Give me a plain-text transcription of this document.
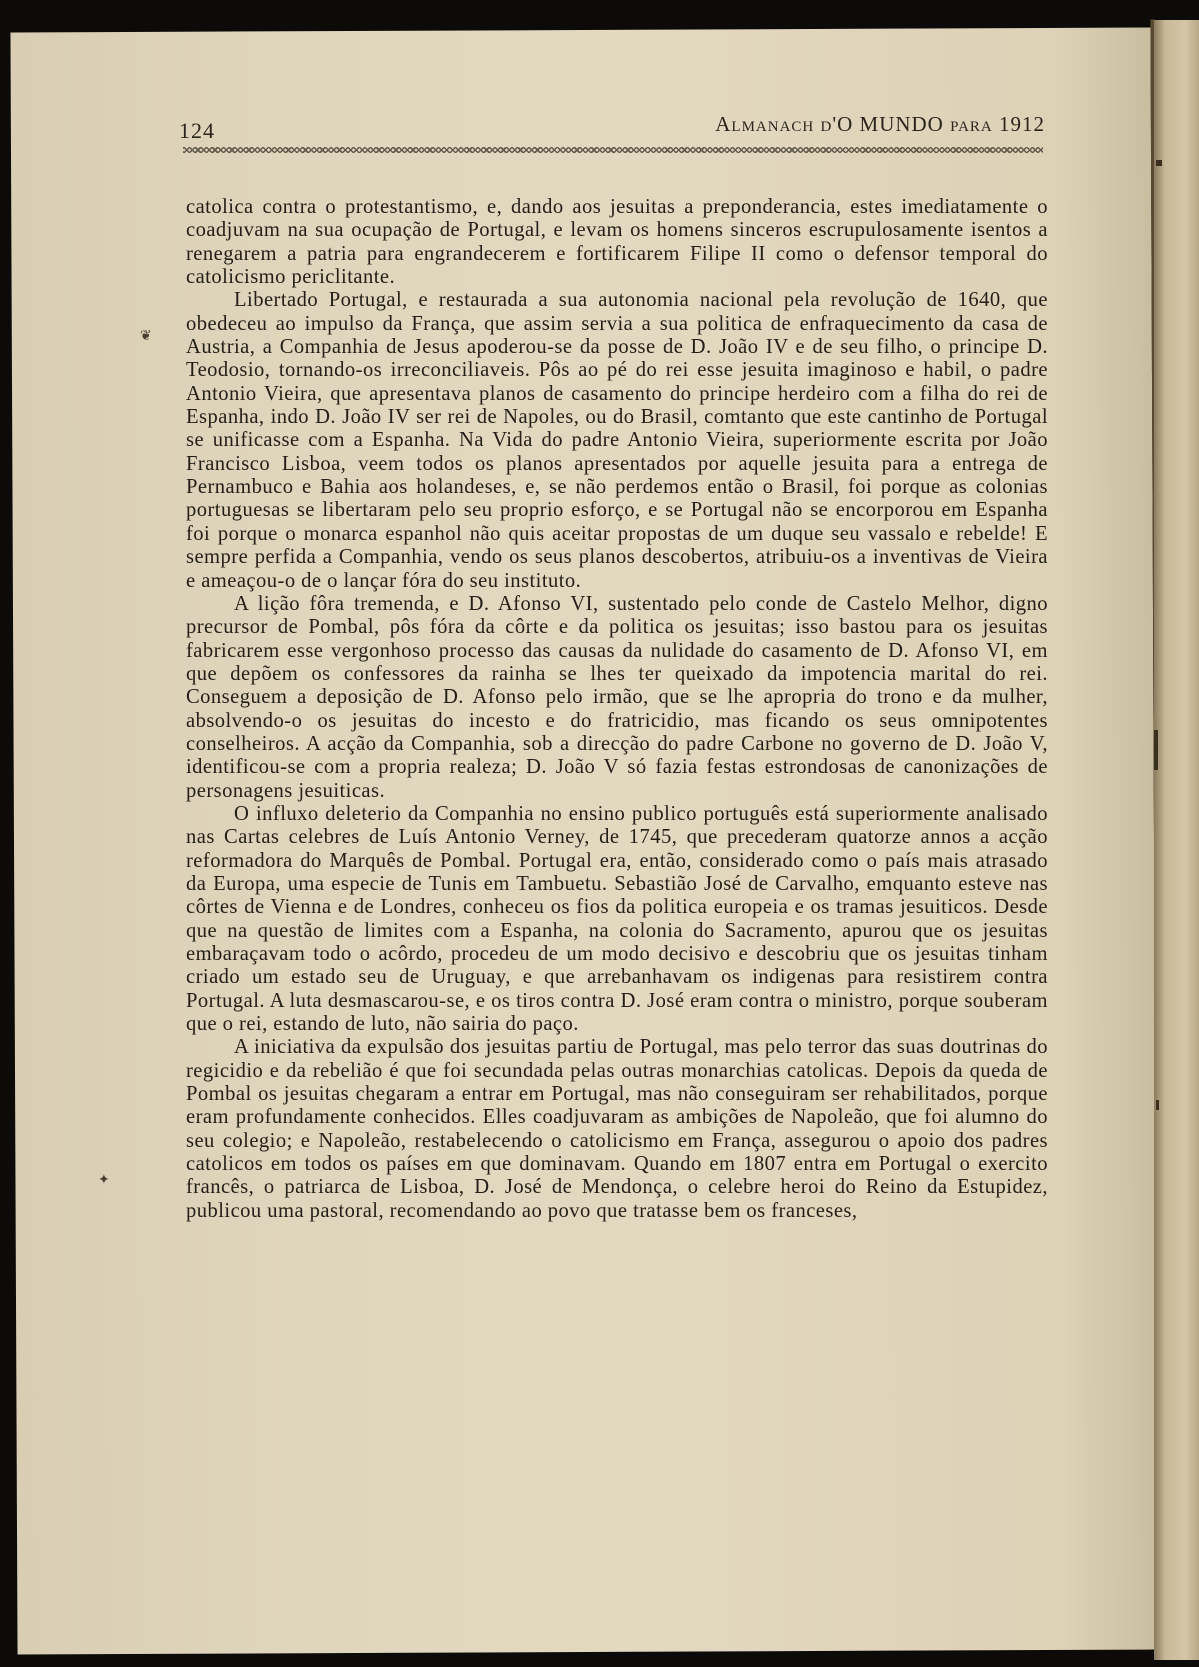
124	Almanach d'O MUNDO para 1912
❦
✦

catolica contra o protestantismo, e, dando aos jesuitas a preponderancia, estes imediatamente o coadjuvam na sua ocupação de Portugal, e levam os homens sinceros escrupulosamente isentos a renegarem a patria para engrandecerem e fortificarem Filipe II como o defensor temporal do catolicismo periclitante.

Libertado Portugal, e restaurada a sua autonomia nacional pela revolução de 1640, que obedeceu ao impulso da França, que assim servia a sua politica de enfraquecimento da casa de Austria, a Companhia de Jesus apoderou-se da posse de D. João IV e de seu filho, o principe D. Teodosio, tornando-os irreconciliaveis. Pôs ao pé do rei esse jesuita imaginoso e habil, o padre Antonio Vieira, que apresentava planos de casamento do principe herdeiro com a filha do rei de Espanha, indo D. João IV ser rei de Napoles, ou do Brasil, comtanto que este cantinho de Portugal se unificasse com a Espanha. Na Vida do padre Antonio Vieira, superiormente escrita por João Francisco Lisboa, veem todos os planos apresentados por aquelle jesuita para a entrega de Pernambuco e Bahia aos holandeses, e, se não perdemos então o Brasil, foi porque as colonias portuguesas se libertaram pelo seu proprio esforço, e se Portugal não se encorporou em Espanha foi porque o monarca espanhol não quis aceitar propostas de um duque seu vassalo e rebelde! E sempre perfida a Companhia, vendo os seus planos descobertos, atribuiu-os a inventivas de Vieira e ameaçou-o de o lançar fóra do seu instituto.

A lição fôra tremenda, e D. Afonso VI, sustentado pelo conde de Castelo Melhor, digno precursor de Pombal, pôs fóra da côrte e da politica os jesuitas; isso bastou para os jesuitas fabricarem esse vergonhoso processo das causas da nulidade do casamento de D. Afonso VI, em que depõem os confessores da rainha se lhes ter queixado da impotencia marital do rei. Conseguem a deposição de D. Afonso pelo irmão, que se lhe apropria do trono e da mulher, absolvendo-o os jesuitas do incesto e do fratricidio, mas ficando os seus omnipotentes conselheiros. A acção da Companhia, sob a direcção do padre Carbone no governo de D. João V, identificou-se com a propria realeza; D. João V só fazia festas estrondosas de canonizações de personagens jesuiticas.

O influxo deleterio da Companhia no ensino publico português está superiormente analisado nas Cartas celebres de Luís Antonio Verney, de 1745, que precederam quatorze annos a acção reformadora do Marquês de Pombal. Portugal era, então, considerado como o país mais atrasado da Europa, uma especie de Tunis em Tambuetu. Sebastião José de Carvalho, emquanto esteve nas côrtes de Vienna e de Londres, conheceu os fios da politica europeia e os tramas jesuiticos. Desde que na questão de limites com a Espanha, na colonia do Sacramento, apurou que os jesuitas embaraçavam todo o acôrdo, procedeu de um modo decisivo e descobriu que os jesuitas tinham criado um estado seu de Uruguay, e que arrebanhavam os indigenas para resistirem contra Portugal. A luta desmascarou-se, e os tiros contra D. José eram contra o ministro, porque souberam que o rei, estando de luto, não sairia do paço.

A iniciativa da expulsão dos jesuitas partiu de Portugal, mas pelo terror das suas doutrinas do regicidio e da rebelião é que foi secundada pelas outras monarchias catolicas. Depois da queda de Pombal os jesuitas chegaram a entrar em Portugal, mas não conseguiram ser rehabilitados, porque eram profundamente conhecidos. Elles coadjuvaram as ambições de Napoleão, que foi alumno do seu colegio; e Napoleão, restabelecendo o catolicismo em França, assegurou o apoio dos padres catolicos em todos os países em que dominavam. Quando em 1807 entra em Portugal o exercito francês, o patriarca de Lisboa, D. José de Mendonça, o celebre heroi do Reino da Estupidez, publicou uma pastoral, recomendando ao povo que tratasse bem os franceses,
